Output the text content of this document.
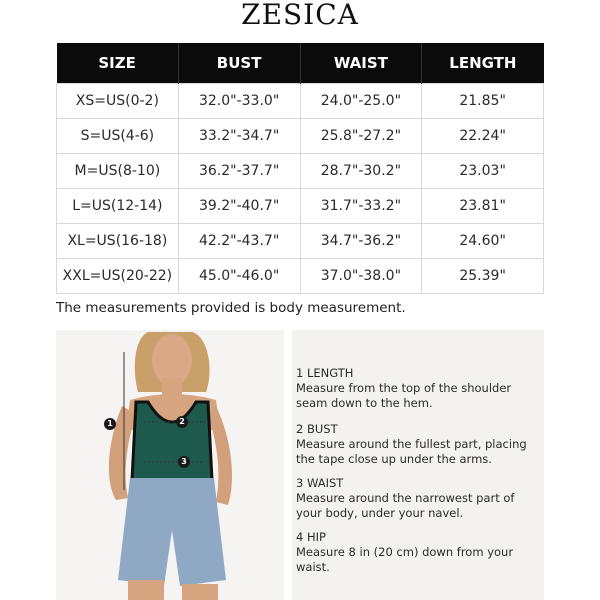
ZESICA
SIZE	BUST	WAIST	LENGTH
XS=US(0-2)	32.0"-33.0"	24.0"-25.0"	21.85"
S=US(4-6)	33.2"-34.7"	25.8"-27.2"	22.24"
M=US(8-10)	36.2"-37.7"	28.7"-30.2"	23.03"
L=US(12-14)	39.2"-40.7"	31.7"-33.2"	23.81"
XL=US(16-18)	42.2"-43.7"	34.7"-36.2"	24.60"
XXL=US(20-22)	45.0"-46.0"	37.0"-38.0"	25.39"
The measurements provided is body measurement.
1	2
3
1 LENGTH
Measure from the top of the shoulder
seam down to the hem.
2 BUST
Measure around the fullest part, placing
the tape close up under the arms.
3 WAIST
Measure around the narrowest part of
your body, under your navel.
4 HIP
Measure 8 in (20 cm) down from your waist.
